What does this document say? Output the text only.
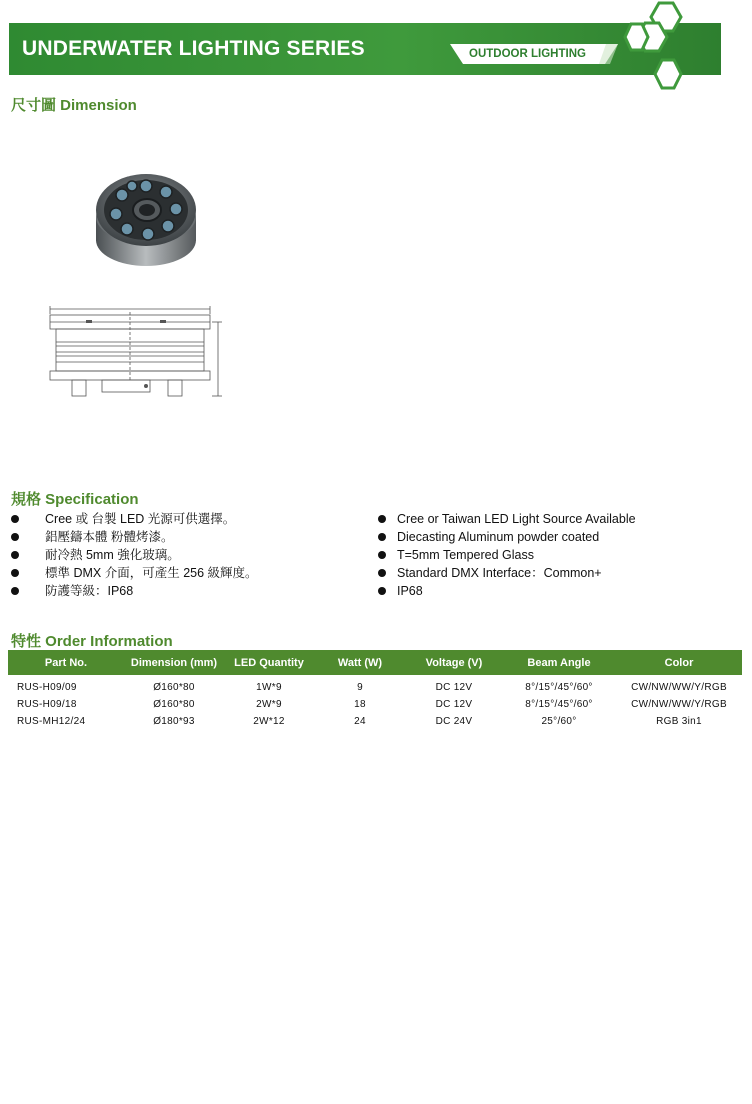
UNDERWATER LIGHTING SERIES	OUTDOOR LIGHTING
尺寸圖 Dimension
規格 Specification
Cree 或 台製 LED 光源可供選擇。
鋁壓鑄本體 粉體烤漆。
耐冷熱 5mm 強化玻璃。
標準 DMX 介面，可產生 256 級輝度。
防護等級：IP68
Cree or Taiwan LED Light Source Available
Diecasting Aluminum powder coated
T=5mm Tempered Glass
Standard DMX Interface：Common+
IP68
特性 Order Information
Part No.	Dimension (mm)	LED Quantity	Watt (W)	Voltage (V)	Beam Angle	Color

RUS-H09/09	Ø160*80	1W*9	9	DC 12V	8°/15°/45°/60°	CW/NW/WW/Y/RGB
RUS-H09/18	Ø160*80	2W*9	18	DC 12V	8°/15°/45°/60°	CW/NW/WW/Y/RGB
RUS-MH12/24	Ø180*93	2W*12	24	DC 24V	25°/60°	RGB 3in1
